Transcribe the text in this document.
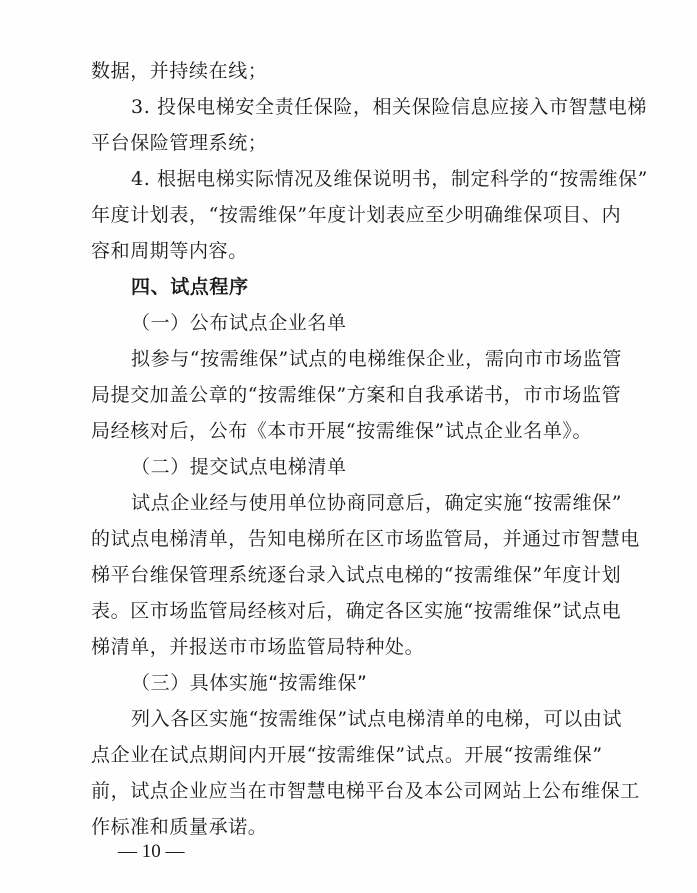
数据，并持续在线；
3. 投保电梯安全责任保险，相关保险信息应接入市智慧电梯
平台保险管理系统；
4. 根据电梯实际情况及维保说明书，制定科学的“按需维保”
年度计划表，“按需维保”年度计划表应至少明确维保项目、内
容和周期等内容。
四、试点程序
（一）公布试点企业名单
拟参与“按需维保”试点的电梯维保企业，需向市市场监管
局提交加盖公章的“按需维保”方案和自我承诺书，市市场监管
局经核对后，公布《本市开展“按需维保”试点企业名单》。
（二）提交试点电梯清单
试点企业经与使用单位协商同意后，确定实施“按需维保”
的试点电梯清单，告知电梯所在区市场监管局，并通过市智慧电
梯平台维保管理系统逐台录入试点电梯的“按需维保”年度计划
表。区市场监管局经核对后，确定各区实施“按需维保”试点电
梯清单，并报送市市场监管局特种处。
（三）具体实施“按需维保”
列入各区实施“按需维保”试点电梯清单的电梯，可以由试
点企业在试点期间内开展“按需维保”试点。开展“按需维保”
前，试点企业应当在市智慧电梯平台及本公司网站上公布维保工
作标准和质量承诺。
— 10 —
